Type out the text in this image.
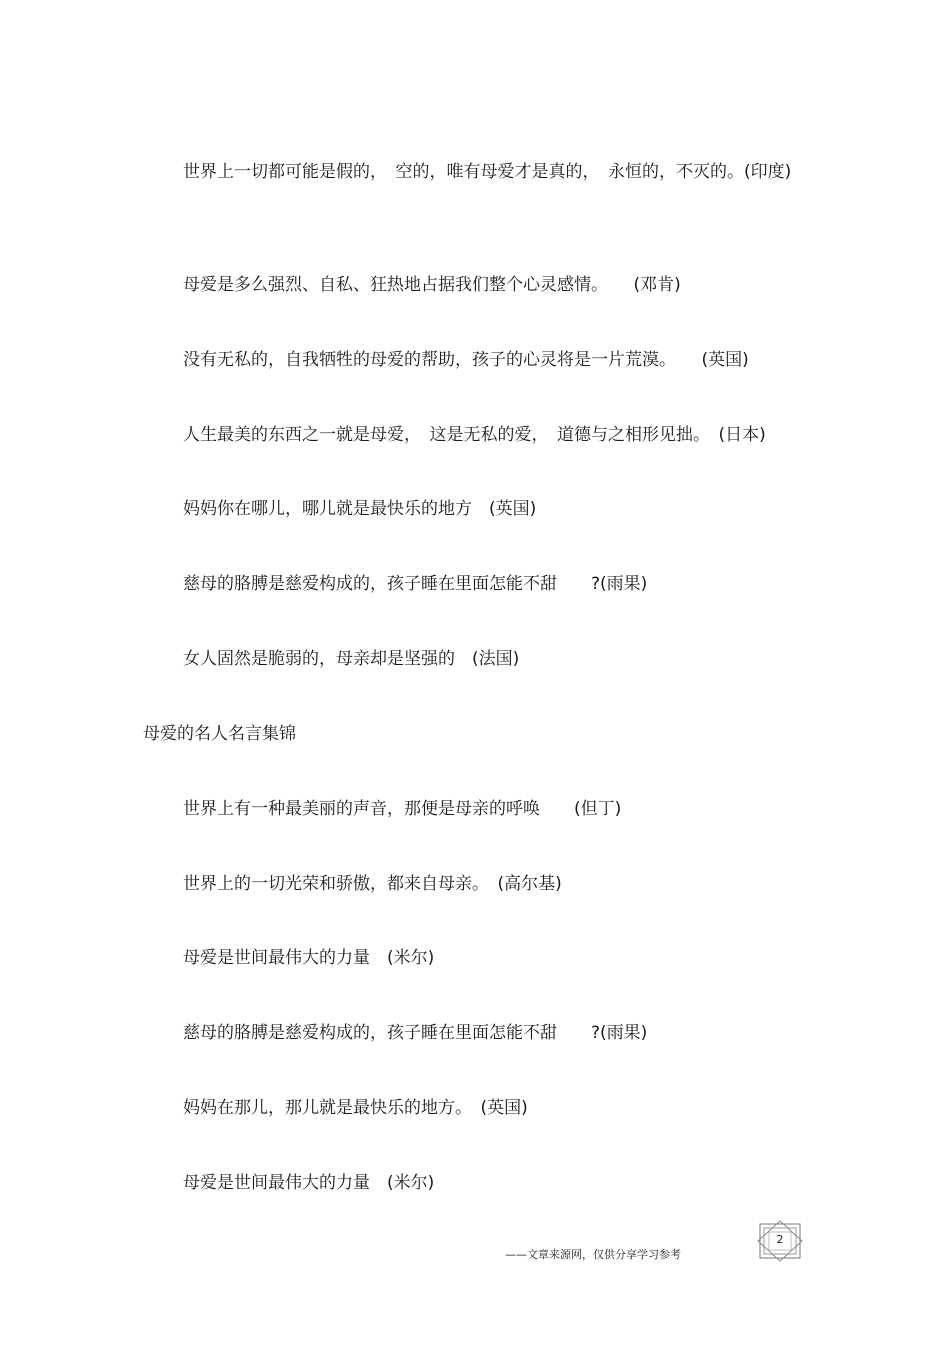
世界上一切都可能是假的，　空的，唯有母爱才是真的，　永恒的，不灭的。(印度)

母爱是多么强烈、自私、狂热地占据我们整个心灵感情。　　(邓肯)

没有无私的，自我牺牲的母爱的帮助，孩子的心灵将是一片荒漠。　　(英国)

人生最美的东西之一就是母爱，　这是无私的爱，　道德与之相形见拙。　(日本)

妈妈你在哪儿，哪儿就是最快乐的地方　(英国)

慈母的胳膊是慈爱构成的，孩子睡在里面怎能不甜　　?(雨果)

女人固然是脆弱的，母亲却是坚强的　(法国)

母爱的名人名言集锦

世界上有一种最美丽的声音，那便是母亲的呼唤　　(但丁)

世界上的一切光荣和骄傲，都来自母亲。　(高尔基)

母爱是世间最伟大的力量　(米尔)

慈母的胳膊是慈爱构成的，孩子睡在里面怎能不甜　　?(雨果)

妈妈在那儿，那儿就是最快乐的地方。　(英国)

母爱是世间最伟大的力量　(米尔)

——文章来源网，仅供分享学习参考
2
